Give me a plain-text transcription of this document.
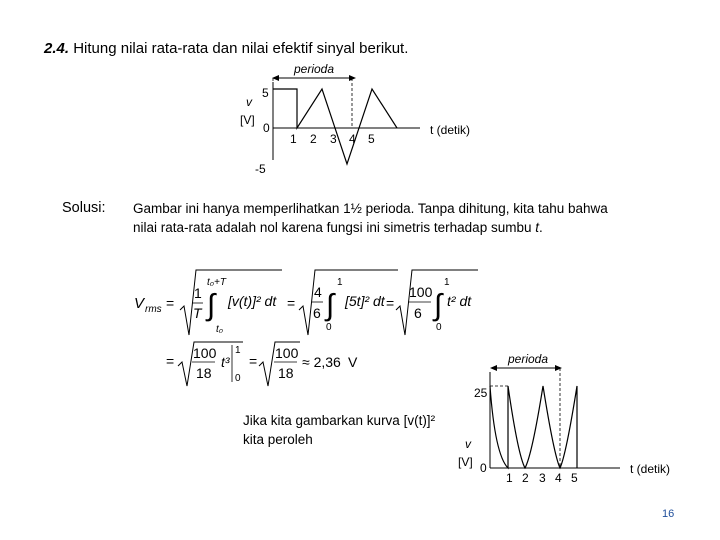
2.4. Hitung nilai rata-rata dan nilai efektif sinyal berikut.
perioda
v
[V]
5
0
-5
1 2 3 4 5
t (detik)
Solusi: Gambar ini hanya memperlihatkan 1½ perioda. Tanpa dihitung, kita tahu bahwa nilai rata-rata adalah nol karena fungsi ini simetris terhadap sumbu t.
V rms =
1
T ∫
t₀+T
t₀
[v(t)]² dt =
4
6 ∫
1
0
[5t]² dt =
100
6 ∫
1
0
t² dt
= 100
18
t³
1
0
= 100
18
≈ 2,36 V
Jika kita gambarkan kurva [v(t)]²
kita peroleh
perioda
25
v
[V] 0
1 2 3 4 5
t (detik)
16
